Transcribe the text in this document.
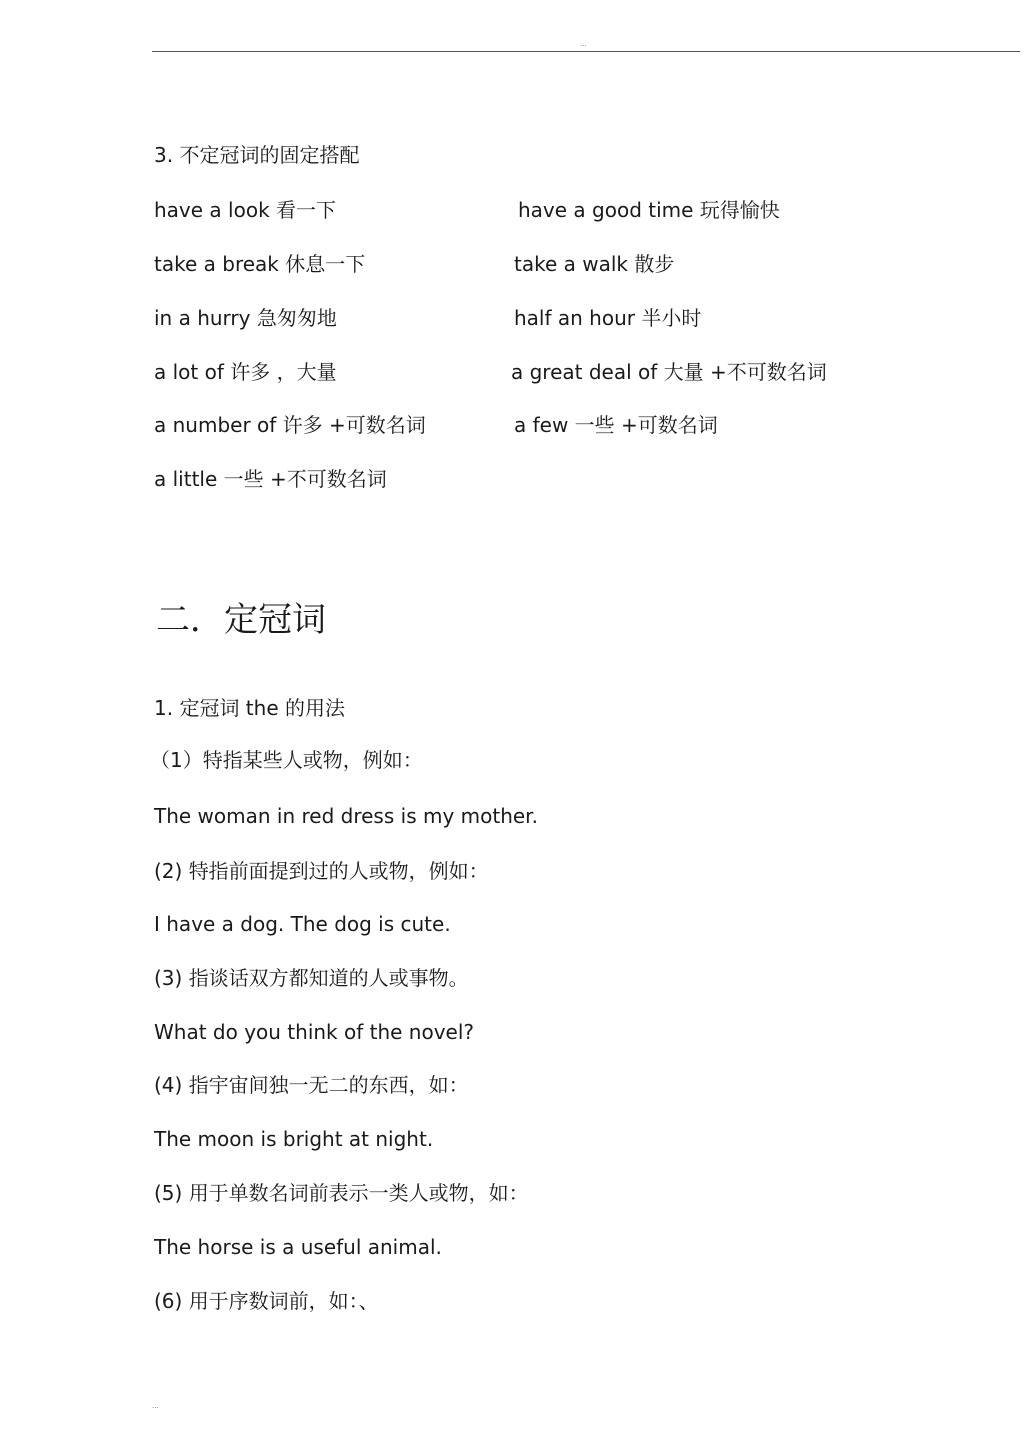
...
3. 不定冠词的固定搭配
have a look 看一下	have a good time 玩得愉快
take a break 休息一下	take a walk 散步
in a hurry 急匆匆地	half an hour 半小时
a lot of 许多 ，大量	a great deal of 大量 +不可数名词
a number of 许多 +可数名词	a few 一些 +可数名词
a little 一些 +不可数名词
二．定冠词
1. 定冠词 the 的用法
（1）特指某些人或物，例如：
The woman in red dress is my mother.
(2) 特指前面提到过的人或物，例如：
I have a dog. The dog is cute.
(3) 指谈话双方都知道的人或事物。
What do you think of the novel?
(4) 指宇宙间独一无二的东西，如：
The moon is bright at night.
(5) 用于单数名词前表示一类人或物，如：
The horse is a useful animal.
(6) 用于序数词前，如：、
...
